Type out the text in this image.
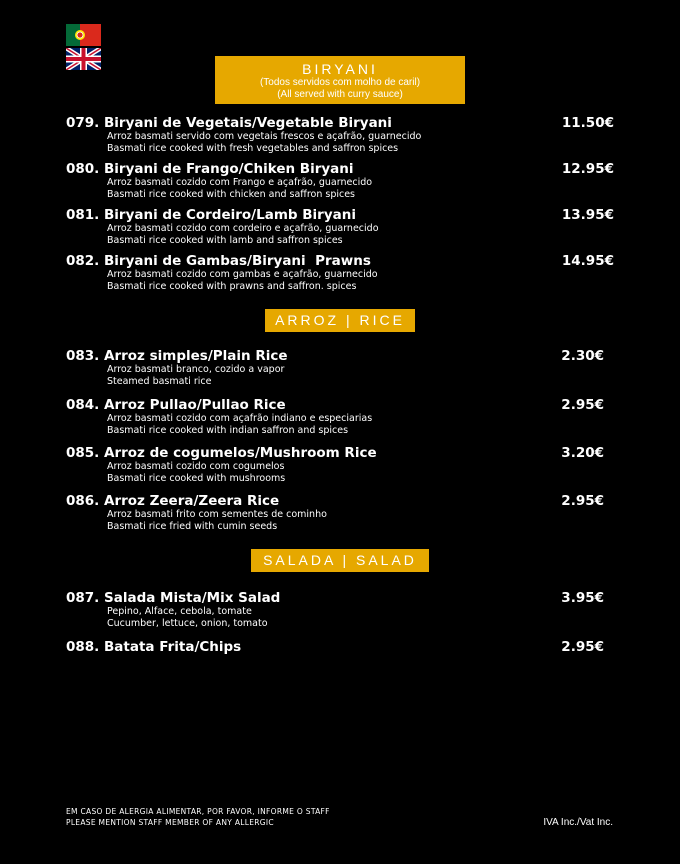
BIRYANI
(Todos servidos com molho de caril)
(All served with curry sauce)
ARROZ | RICE
SALADA | SALAD
079. Biryani de Vegetais/Vegetable Biryani	11.50€
Arroz basmati servido com vegetais frescos e açafrão, guarnecido
Basmati rice cooked with fresh vegetables and saffron spices
080. Biryani de Frango/Chiken Biryani	12.95€
Arroz basmati cozido com Frango e açafrão, guarnecido
Basmati rice cooked with chicken and saffron spices
081. Biryani de Cordeiro/Lamb Biryani	13.95€
Arroz basmati cozido com cordeiro e açafrão, guarnecido
Basmati rice cooked with lamb and saffron spices
082. Biryani de Gambas/Biryani  Prawns	14.95€
Arroz basmati cozido com gambas e açafrão, guarnecido
Basmati rice cooked with prawns and saffron. spices
083. Arroz simples/Plain Rice	2.30€
Arroz basmati branco, cozido a vapor
Steamed basmati rice
084. Arroz Pullao/Pullao Rice	2.95€
Arroz basmati cozido com açafrão indiano e especiarias
Basmati rice cooked with indian saffron and spices
085. Arroz de cogumelos/Mushroom Rice	3.20€
Arroz basmati cozido com cogumelos
Basmati rice cooked with mushrooms
086. Arroz Zeera/Zeera Rice	2.95€
Arroz basmati frito com sementes de cominho
Basmati rice fried with cumin seeds
087. Salada Mista/Mix Salad	3.95€
Pepino, Alface, cebola, tomate
Cucumber, lettuce, onion, tomato
088. Batata Frita/Chips	2.95€
EM CASO DE ALERGIA ALIMENTAR, POR FAVOR, INFORME O STAFF
PLEASE MENTION STAFF MEMBER OF ANY ALLERGIC	IVA Inc./Vat Inc.
